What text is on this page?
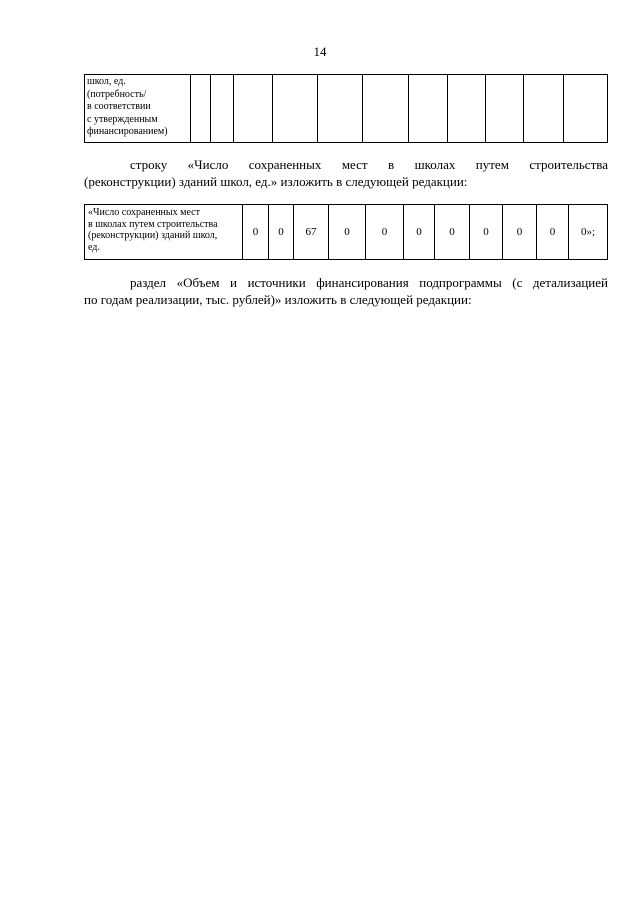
14
школ, ед.
(потребность/
в соответствии
с утвержденным
финансированием)

строку «Число сохраненных мест в школах путем строительства
(реконструкции) зданий школ, ед.» изложить в следующей редакции:
«Число сохраненных мест
в школах путем строительства
(реконструкции) зданий школ,
ед.
	0	0	67	0	0	0	0	0	0	0	0»;
раздел «Объем и источники финансирования подпрограммы (с детализацией
по годам реализации, тыс. рублей)» изложить в следующей редакции:
